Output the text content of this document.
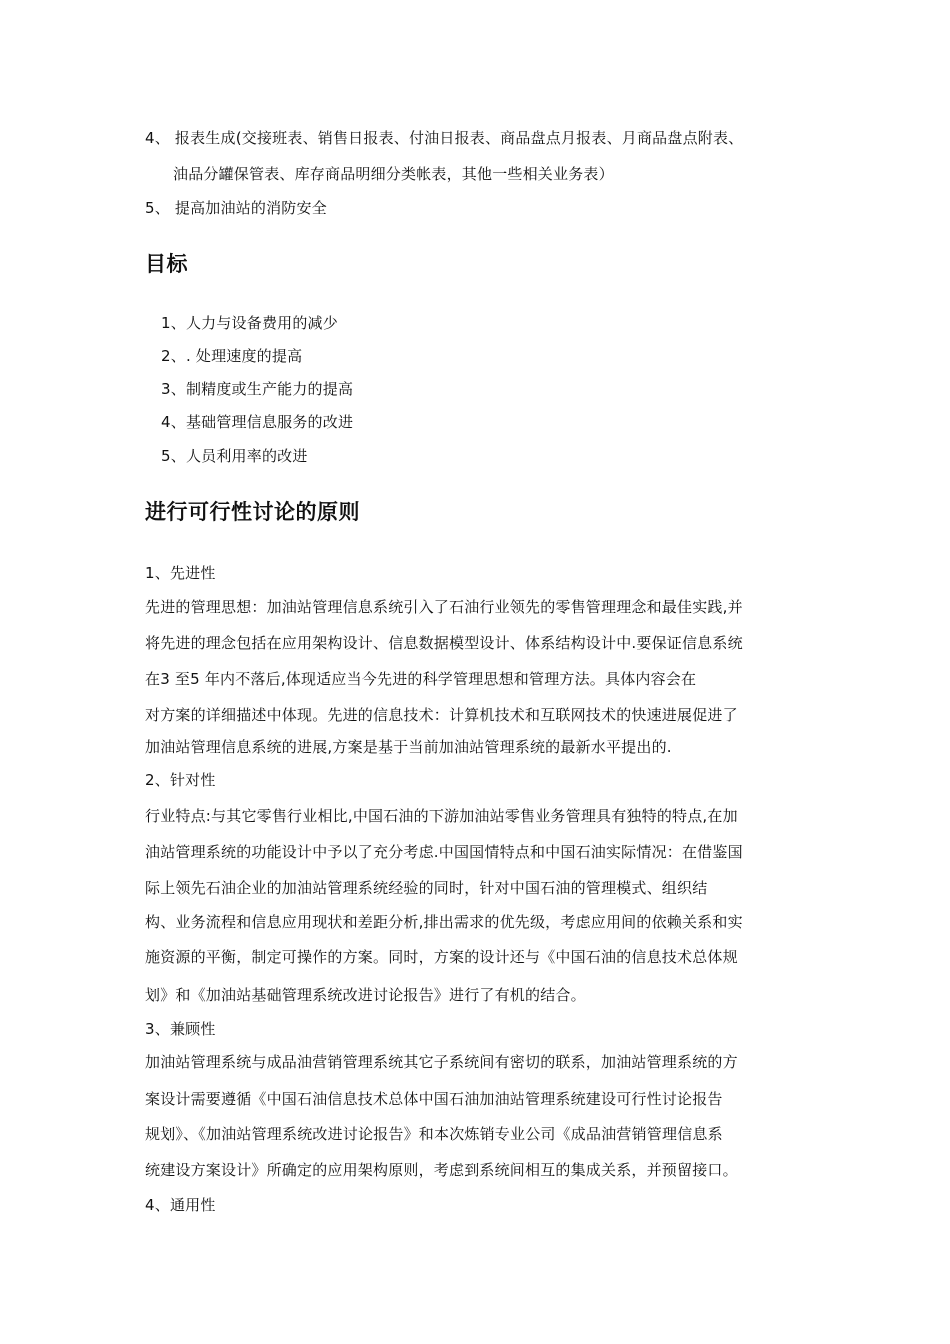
4、 报表生成(交接班表、销售日报表、付油日报表、商品盘点月报表、月商品盘点附表、
油品分罐保管表、库存商品明细分类帐表，其他一些相关业务表）
5、 提高加油站的消防安全
目标
1、人力与设备费用的减少
2、. 处理速度的提高
3、制精度或生产能力的提高
4、基础管理信息服务的改进
5、人员利用率的改进
进行可行性讨论的原则
1、先进性
先进的管理思想：加油站管理信息系统引入了石油行业领先的零售管理理念和最佳实践,并
将先进的理念包括在应用架构设计、信息数据模型设计、体系结构设计中.要保证信息系统
在3 至5 年内不落后,体现适应当今先进的科学管理思想和管理方法。具体内容会在
对方案的详细描述中体现。先进的信息技术：计算机技术和互联网技术的快速进展促进了
加油站管理信息系统的进展,方案是基于当前加油站管理系统的最新水平提出的.
2、针对性
行业特点:与其它零售行业相比,中国石油的下游加油站零售业务管理具有独特的特点,在加
油站管理系统的功能设计中予以了充分考虑.中国国情特点和中国石油实际情况：在借鉴国
际上领先石油企业的加油站管理系统经验的同时，针对中国石油的管理模式、组织结
构、业务流程和信息应用现状和差距分析,排出需求的优先级，考虑应用间的依赖关系和实
施资源的平衡，制定可操作的方案。同时，方案的设计还与《中国石油的信息技术总体规
划》和《加油站基础管理系统改进讨论报告》进行了有机的结合。
3、兼顾性
加油站管理系统与成品油营销管理系统其它子系统间有密切的联系，加油站管理系统的方
案设计需要遵循《中国石油信息技术总体中国石油加油站管理系统建设可行性讨论报告
规划》、《加油站管理系统改进讨论报告》和本次炼销专业公司《成品油营销管理信息系
统建设方案设计》所确定的应用架构原则，考虑到系统间相互的集成关系，并预留接口。
4、通用性
